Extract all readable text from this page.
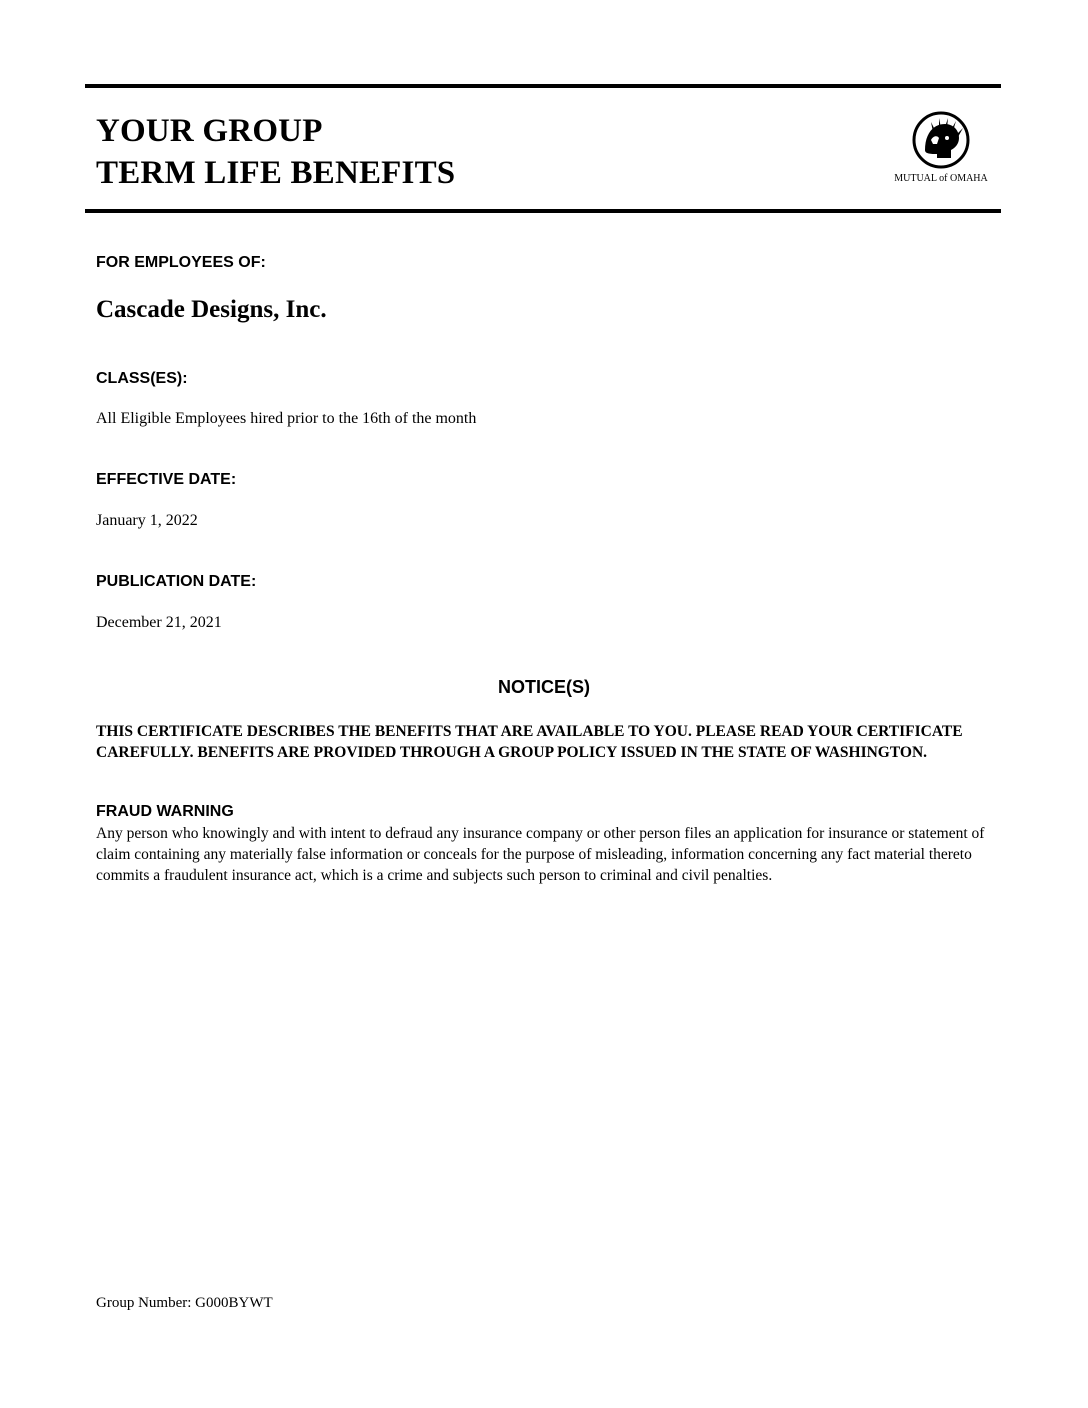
YOUR GROUP
TERM LIFE BENEFITS	MUTUAL of OMAHA
FOR EMPLOYEES OF:
Cascade Designs, Inc.
CLASS(ES):
All Eligible Employees hired prior to the 16th of the month
EFFECTIVE DATE:
January 1, 2022
PUBLICATION DATE:
December 21, 2021
NOTICE(S)
THIS CERTIFICATE DESCRIBES THE BENEFITS THAT ARE AVAILABLE TO YOU. PLEASE READ YOUR CERTIFICATE CAREFULLY. BENEFITS ARE PROVIDED THROUGH A GROUP POLICY ISSUED IN THE STATE OF WASHINGTON.
FRAUD WARNING
Any person who knowingly and with intent to defraud any insurance company or other person files an application for insurance or statement of claim containing any materially false information or conceals for the purpose of misleading, information concerning any fact material thereto commits a fraudulent insurance act, which is a crime and subjects such person to criminal and civil penalties.
Group Number: G000BYWT
